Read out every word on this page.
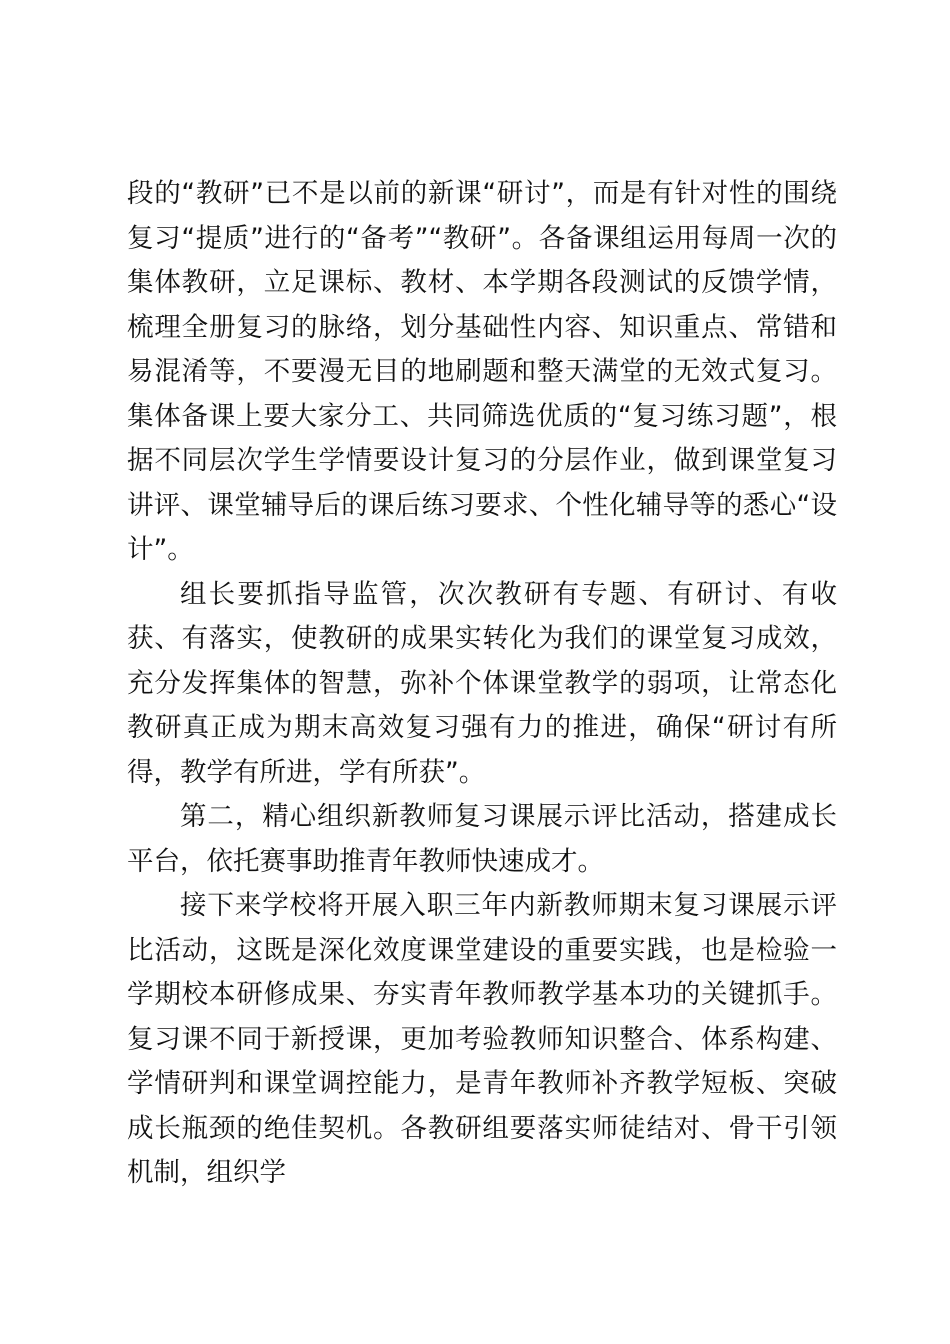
段的“教研”已不是以前的新课“研讨”，而是有针对性的围绕复习“提质”进行的“备考”“教研”。各备课组运用每周一次的集体教研，立足课标、教材、本学期各段测试的反馈学情，梳理全册复习的脉络，划分基础性内容、知识重点、常错和易混淆等，不要漫无目的地刷题和整天满堂的无效式复习。集体备课上要大家分工、共同筛选优质的“复习练习题”，根据不同层次学生学情要设计复习的分层作业，做到课堂复习讲评、课堂辅导后的课后练习要求、个性化辅导等的悉心“设计”。

组长要抓指导监管，次次教研有专题、有研讨、有收获、有落实，使教研的成果实转化为我们的课堂复习成效，充分发挥集体的智慧，弥补个体课堂教学的弱项，让常态化教研真正成为期末高效复习强有力的推进，确保“研讨有所得，教学有所进，学有所获”。

第二，精心组织新教师复习课展示评比活动，搭建成长平台，依托赛事助推青年教师快速成才。

接下来学校将开展入职三年内新教师期末复习课展示评比活动，这既是深化效度课堂建设的重要实践，也是检验一学期校本研修成果、夯实青年教师教学基本功的关键抓手。复习课不同于新授课，更加考验教师知识整合、体系构建、学情研判和课堂调控能力，是青年教师补齐教学短板、突破成长瓶颈的绝佳契机。各教研组要落实师徒结对、骨干引领机制，组织学
